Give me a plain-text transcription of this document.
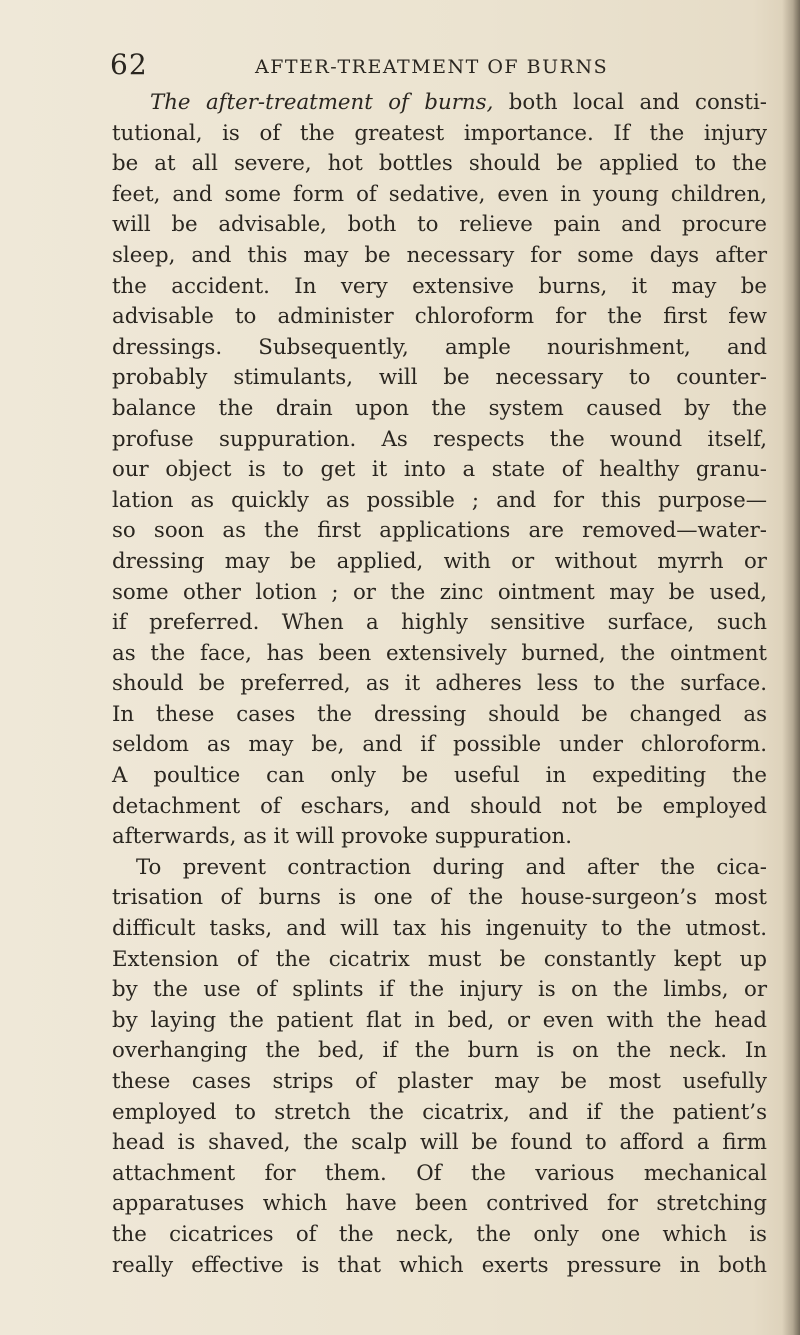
62	AFTER-TREATMENT OF BURNS
The after-treatment of burns, both local and consti-
tutional, is of the greatest importance. If the injury
be at all severe, hot bottles should be applied to the
feet, and some form of sedative, even in young children,
will be advisable, both to relieve pain and procure
sleep, and this may be necessary for some days after
the accident. In very extensive burns, it may be
advisable to administer chloroform for the first few
dressings. Subsequently, ample nourishment, and
probably stimulants, will be necessary to counter-
balance the drain upon the system caused by the
profuse suppuration. As respects the wound itself,
our object is to get it into a state of healthy granu-
lation as quickly as possible ; and for this purpose—
so soon as the first applications are removed—water-
dressing may be applied, with or without myrrh or
some other lotion ; or the zinc ointment may be used,
if preferred. When a highly sensitive surface, such
as the face, has been extensively burned, the ointment
should be preferred, as it adheres less to the surface.
In these cases the dressing should be changed as
seldom as may be, and if possible under chloroform.
A poultice can only be useful in expediting the
detachment of eschars, and should not be employed
afterwards, as it will provoke suppuration.
To prevent contraction during and after the cica-
trisation of burns is one of the house-surgeon’s most
difficult tasks, and will tax his ingenuity to the utmost.
Extension of the cicatrix must be constantly kept up
by the use of splints if the injury is on the limbs, or
by laying the patient flat in bed, or even with the head
overhanging the bed, if the burn is on the neck. In
these cases strips of plaster may be most usefully
employed to stretch the cicatrix, and if the patient’s
head is shaved, the scalp will be found to afford a firm
attachment for them. Of the various mechanical
apparatuses which have been contrived for stretching
the cicatrices of the neck, the only one which is
really effective is that which exerts pressure in both
